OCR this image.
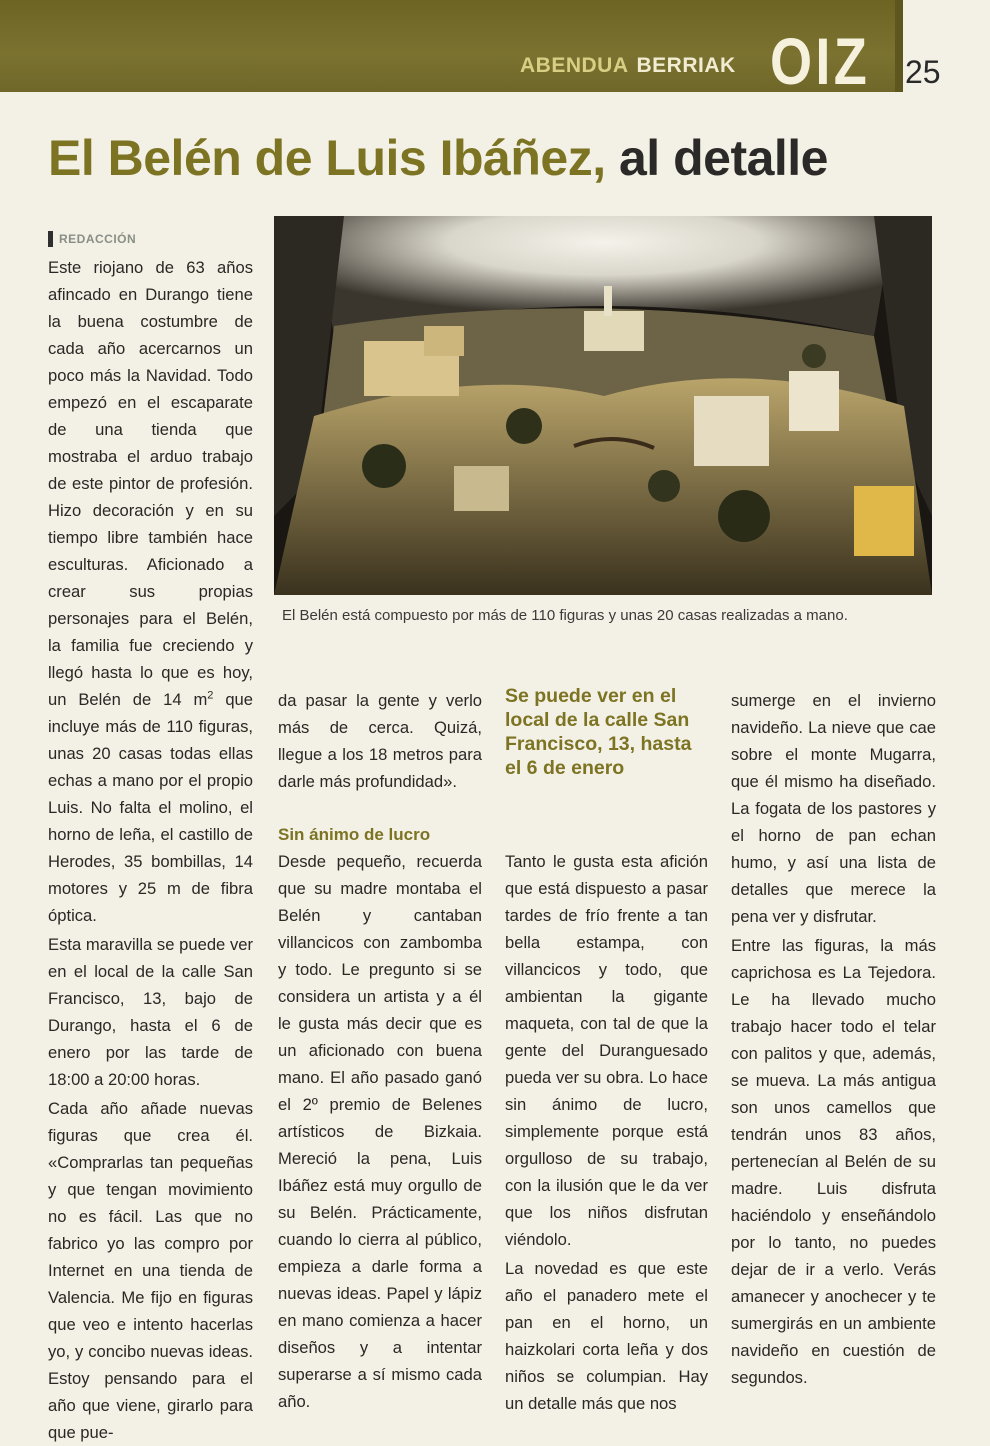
ABENDUA BERRIAK OIZ 25
El Belén de Luis Ibáñez, al detalle
REDACCIÓN
El Belén está compuesto por más de 110 figuras y unas 20 casas realizadas a mano.

Este riojano de 63 años afincado en Durango tiene la buena costumbre de cada año acercarnos un poco más la Navidad. Todo empezó en el escaparate de una tienda que mostraba el arduo trabajo de este pintor de profesión. Hizo decoración y en su tiempo libre también hace esculturas. Aficionado a crear sus propias personajes para el Belén, la familia fue creciendo y llegó hasta lo que es hoy, un Belén de 14 $m^2$ que incluye más de 110 figuras, unas 20 casas todas ellas echas a mano por el propio Luis. No falta el molino, el horno de leña, el castillo de Herodes, 35 bombillas, 14 motores y 25 m de fibra óptica.

Esta maravilla se puede ver en el local de la calle San Francisco, 13, bajo de Durango, hasta el 6 de enero por las tarde de 18:00 a 20:00 horas.

Cada año añade nuevas figuras que crea él. «Comprarlas tan pequeñas y que tengan movimiento no es fácil. Las que no fabrico yo las compro por Internet en una tienda de Valencia. Me fijo en figuras que veo e intento hacerlas yo, y concibo nuevas ideas. Estoy pensando para el año que viene, girarlo para que pue-

da pasar la gente y verlo más de cerca. Quizá, llegue a los 18 metros para darle más profundidad».

Sin ánimo de lucro

Desde pequeño, recuerda que su madre montaba el Belén y cantaban villancicos con zambomba y todo. Le pregunto si se considera un artista y a él le gusta más decir que es un aficionado con buena mano. El año pasado ganó el 2º premio de Belenes artísticos de Bizkaia. Mereció la pena, Luis Ibáñez está muy orgullo de su Belén. Prácticamente, cuando lo cierra al público, empieza a darle forma a nuevas ideas. Papel y lápiz en mano comienza a hacer diseños y a intentar superarse a sí mismo cada año.

Se puede ver en el local de la calle San Francisco, 13, hasta el 6 de enero

Tanto le gusta esta afición que está dispuesto a pasar tardes de frío frente a tan bella estampa, con villancicos y todo, que ambientan la gigante maqueta, con tal de que la gente del Duranguesado pueda ver su obra. Lo hace sin ánimo de lucro, simplemente porque está orgulloso de su trabajo, con la ilusión que le da ver que los niños disfrutan viéndolo.

La novedad es que este año el panadero mete el pan en el horno, un haizkolari corta leña y dos niños se columpian. Hay un detalle más que nos

sumerge en el invierno navideño. La nieve que cae sobre el monte Mugarra, que él mismo ha diseñado. La fogata de los pastores y el horno de pan echan humo, y así una lista de detalles que merece la pena ver y disfrutar.

Entre las figuras, la más caprichosa es La Tejedora. Le ha llevado mucho trabajo hacer todo el telar con palitos y que, además, se mueva. La más antigua son unos camellos que tendrán unos 83 años, pertenecían al Belén de su madre. Luis disfruta haciéndolo y enseñándolo por lo tanto, no puedes dejar de ir a verlo. Verás amanecer y anochecer y te sumergirás en un ambiente navideño en cuestión de segundos.
